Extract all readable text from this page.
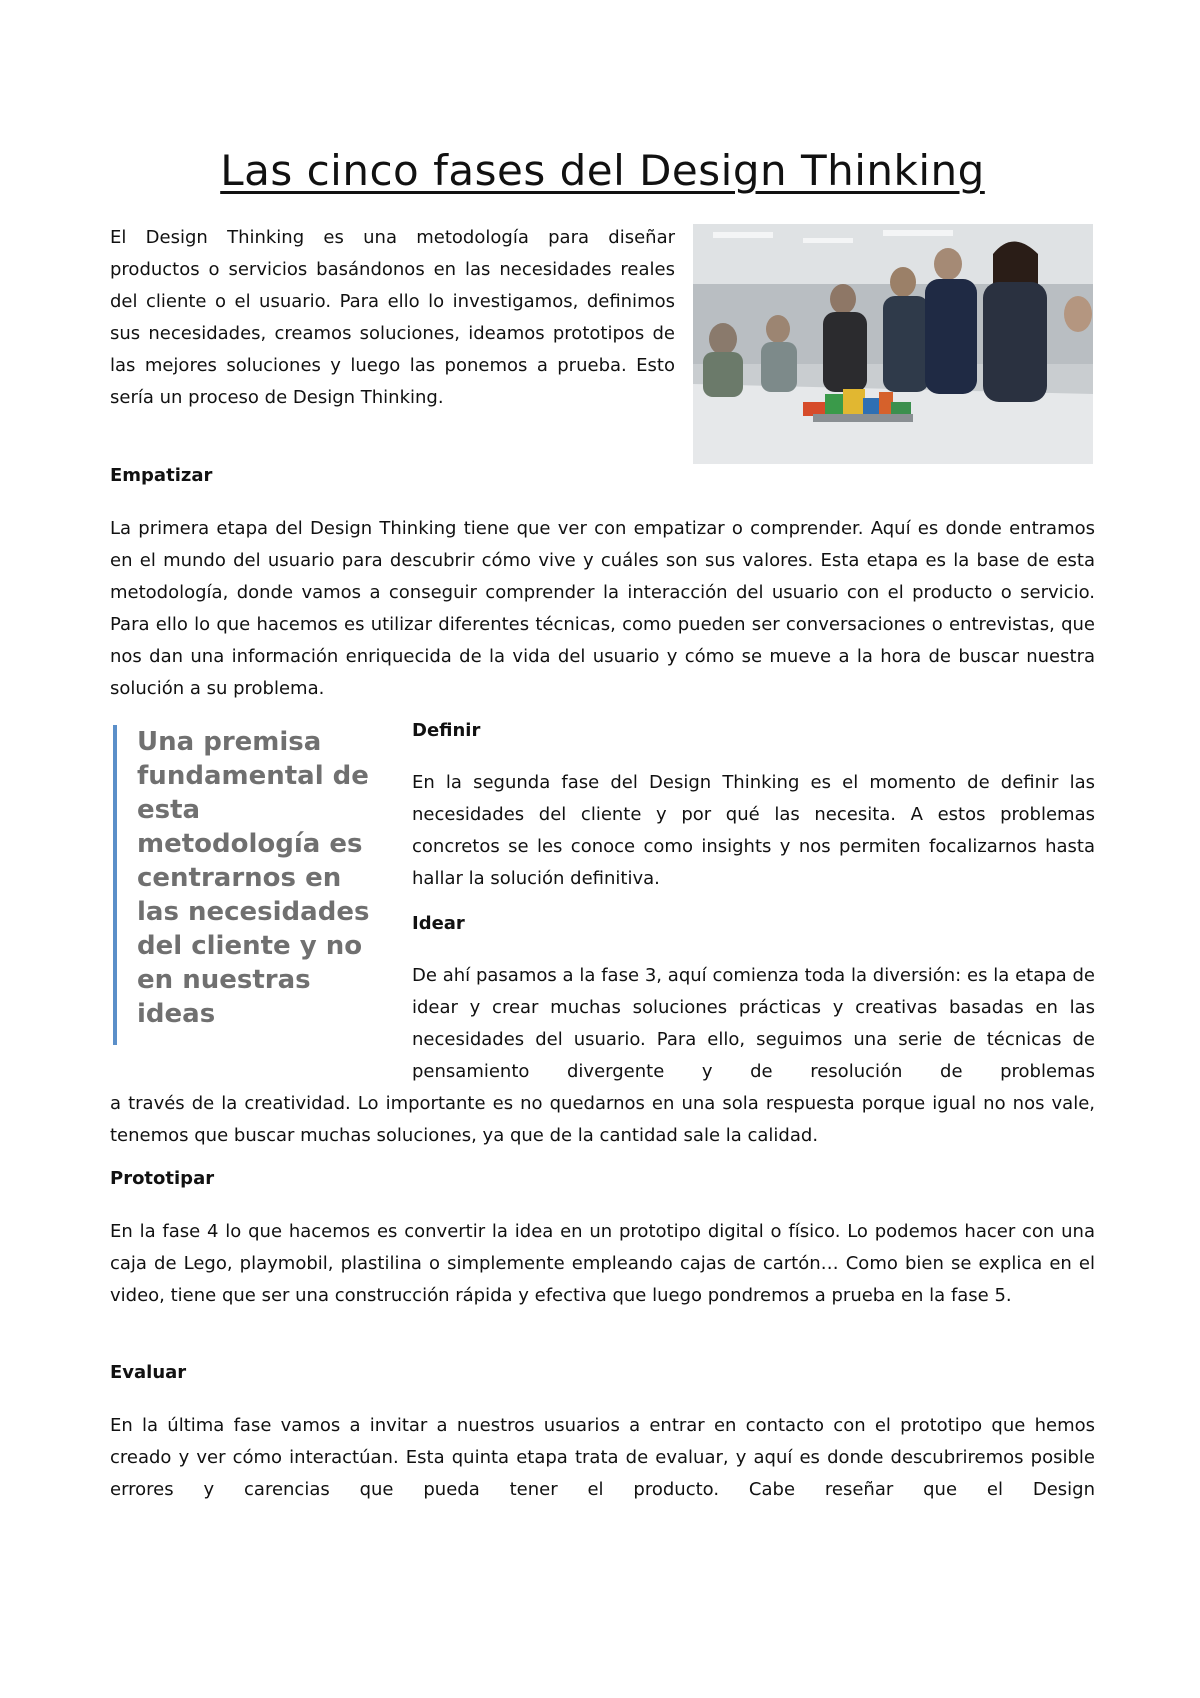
Las cinco fases del Design Thinking

El Design Thinking es una metodología para diseñar productos o servicios basándonos en las necesidades reales del cliente o el usuario. Para ello lo investigamos, definimos sus necesidades, creamos soluciones, ideamos prototipos de las mejores soluciones y luego las ponemos a prueba. Esto sería un proceso de Design Thinking.

Empatizar

La primera etapa del Design Thinking tiene que ver con empatizar o comprender. Aquí es donde entramos en el mundo del usuario para descubrir cómo vive y cuáles son sus valores. Esta etapa es la base de esta metodología, donde vamos a conseguir comprender la interacción del usuario con el producto o servicio. Para ello lo que hacemos es utilizar diferentes técnicas, como pueden ser conversaciones o entrevistas, que nos dan una información enriquecida de la vida del usuario y cómo se mueve a la hora de buscar nuestra solución a su problema.

Una premisa fundamental de esta metodología es centrarnos en las necesidades del cliente y no en nuestras ideas

Definir

En la segunda fase del Design Thinking es el momento de definir las necesidades del cliente y por qué las necesita. A estos problemas concretos se les conoce como insights y nos permiten focalizarnos hasta hallar la solución definitiva.

Idear

De ahí pasamos a la fase 3, aquí comienza toda la diversión: es la etapa de idear y crear muchas soluciones prácticas y creativas basadas en las necesidades del usuario. Para ello, seguimos una serie de técnicas de pensamiento divergente y de resolución de problemas

a través de la creatividad. Lo importante es no quedarnos en una sola respuesta porque igual no nos vale, tenemos que buscar muchas soluciones, ya que de la cantidad sale la calidad.

Prototipar

En la fase 4 lo que hacemos es convertir la idea en un prototipo digital o físico. Lo podemos hacer con una caja de Lego, playmobil, plastilina o simplemente empleando cajas de cartón… Como bien se explica en el video, tiene que ser una construcción rápida y efectiva que luego pondremos a prueba en la fase 5.

Evaluar

En la última fase vamos a invitar a nuestros usuarios a entrar en contacto con el prototipo que hemos creado y ver cómo interactúan. Esta quinta etapa trata de evaluar, y aquí es donde descubriremos posible errores y carencias que pueda tener el producto. Cabe reseñar que el Design
